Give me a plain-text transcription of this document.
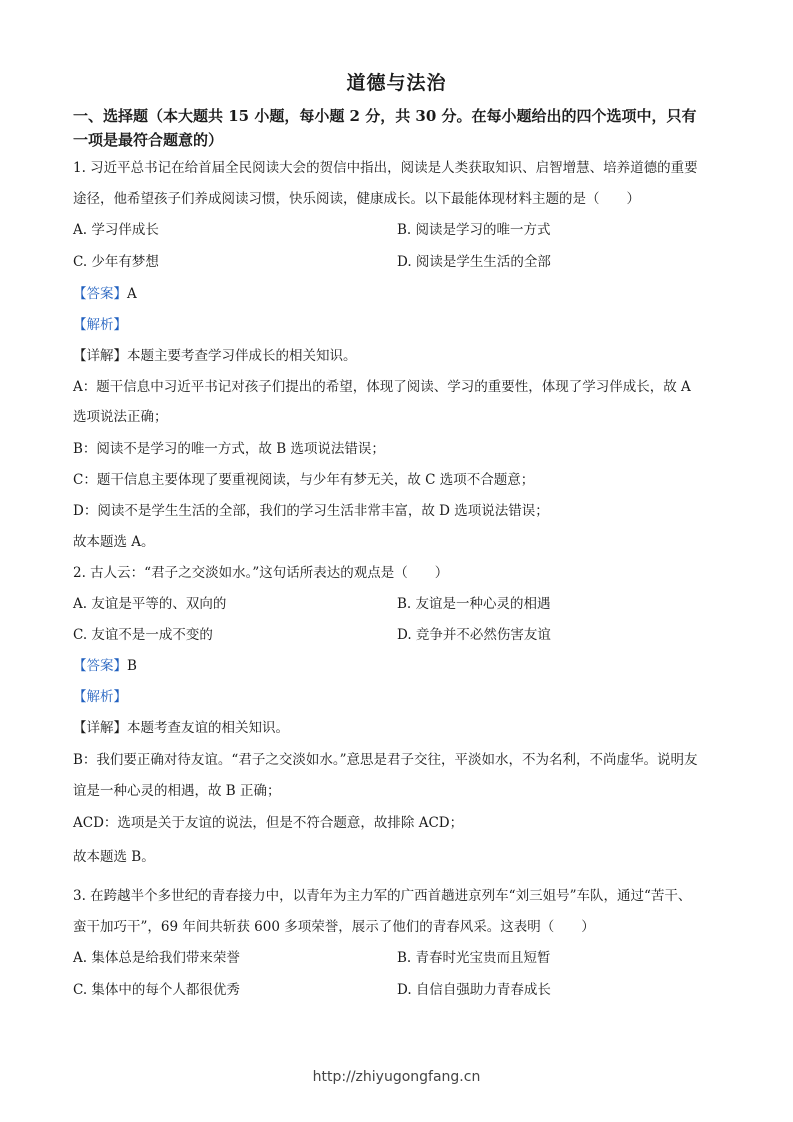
道德与法治
一、选择题（本大题共 15 小题，每小题 2 分，共 30 分。在每小题给出的四个选项中，只有
一项是最符合题意的）
1. 习近平总书记在给首届全民阅读大会的贺信中指出，阅读是人类获取知识、启智增慧、培养道德的重要
途径，他希望孩子们养成阅读习惯，快乐阅读，健康成长。以下最能体现材料主题的是（　　）
A. 学习伴成长	B. 阅读是学习的唯一方式
C. 少年有梦想	D. 阅读是学生生活的全部
【答案】A
【解析】
【详解】本题主要考查学习伴成长的相关知识。
A：题干信息中习近平书记对孩子们提出的希望，体现了阅读、学习的重要性，体现了学习伴成长，故 A
选项说法正确；
B：阅读不是学习的唯一方式，故 B 选项说法错误；
C：题干信息主要体现了要重视阅读，与少年有梦无关，故 C 选项不合题意；
D：阅读不是学生生活的全部，我们的学习生活非常丰富，故 D 选项说法错误；
故本题选 A。
2. 古人云：“君子之交淡如水。”这句话所表达的观点是（　　）
A. 友谊是平等的、双向的	B. 友谊是一种心灵的相遇
C. 友谊不是一成不变的	D. 竞争并不必然伤害友谊
【答案】B
【解析】
【详解】本题考查友谊的相关知识。
B：我们要正确对待友谊。“君子之交淡如水。”意思是君子交往，平淡如水，不为名利，不尚虚华。说明友
谊是一种心灵的相遇，故 B 正确；
ACD：选项是关于友谊的说法，但是不符合题意，故排除 ACD；
故本题选 B。
3. 在跨越半个多世纪的青春接力中，以青年为主力军的广西首趟进京列车“刘三姐号”车队，通过“苦干、
蛮干加巧干”，69 年间共斩获 600 多项荣誉，展示了他们的青春风采。这表明（　　）
A. 集体总是给我们带来荣誉	B. 青春时光宝贵而且短暂
C. 集体中的每个人都很优秀	D. 自信自强助力青春成长
http://zhiyugongfang.cn
